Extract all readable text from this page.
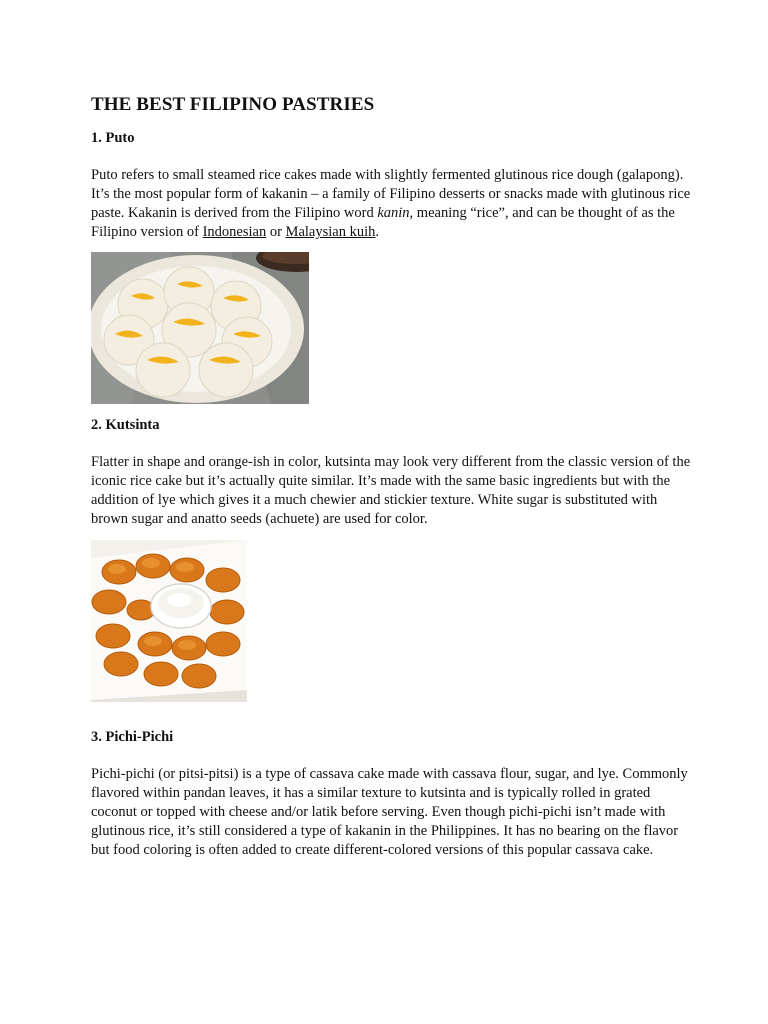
THE BEST FILIPINO PASTRIES
1. Puto

Puto refers to small steamed rice cakes made with slightly fermented glutinous rice dough (galapong). It’s the most popular form of kakanin – a family of Filipino desserts or snacks made with glutinous rice paste. Kakanin is derived from the Filipino word kanin, meaning “rice”, and can be thought of as the Filipino version of Indonesian or Malaysian kuih.

2. Kutsinta

Flatter in shape and orange-ish in color, kutsinta may look very different from the classic version of the iconic rice cake but it’s actually quite similar. It’s made with the same basic ingredients but with the addition of lye which gives it a much chewier and stickier texture. White sugar is substituted with brown sugar and anatto seeds (achuete) are used for color.

3. Pichi-Pichi

Pichi-pichi (or pitsi-pitsi) is a type of cassava cake made with cassava flour, sugar, and lye. Commonly flavored within pandan leaves, it has a similar texture to kutsinta and is typically rolled in grated coconut or topped with cheese and/or latik before serving. Even though pichi-pichi isn’t made with glutinous rice, it’s still considered a type of kakanin in the Philippines. It has no bearing on the flavor but food coloring is often added to create different-colored versions of this popular cassava cake.
